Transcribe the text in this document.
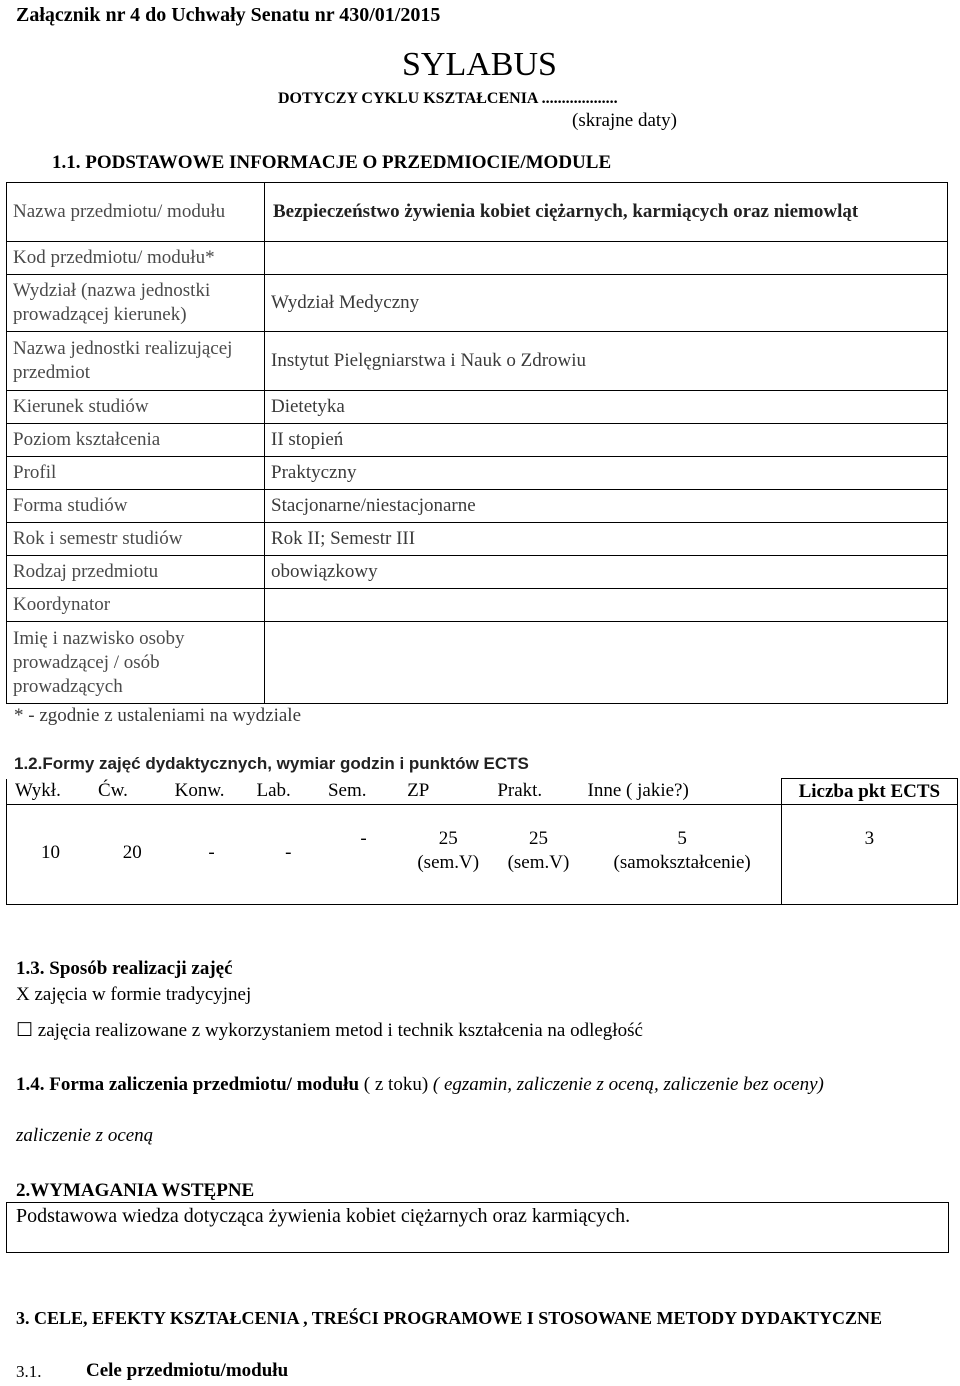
Załącznik nr 4 do Uchwały Senatu nr 430/01/2015
SYLABUS
DOTYCZY CYKLU KSZTAŁCENIA ...................
(skrajne daty)
1.1. PODSTAWOWE INFORMACJE O PRZEDMIOCIE/MODULE
Nazwa przedmiotu/ modułu	Bezpieczeństwo żywienia kobiet ciężarnych, karmiących oraz niemowląt
Kod przedmiotu/ modułu*	
Wydział (nazwa jednostki prowadzącej kierunek)	Wydział Medyczny
Nazwa jednostki realizującej przedmiot	Instytut Pielęgniarstwa i Nauk o Zdrowiu
Kierunek studiów	Dietetyka
Poziom kształcenia	II stopień
Profil	Praktyczny
Forma studiów	Stacjonarne/niestacjonarne
Rok i semestr studiów	Rok II; Semestr III
Rodzaj przedmiotu	obowiązkowy
Koordynator	
Imię i nazwisko osoby prowadzącej / osób prowadzących	
* - zgodnie z ustaleniami na wydziale
1.2.Formy zajęć dydaktycznych, wymiar godzin i punktów ECTS
Wykł.	Ćw.	Konw.	Lab.	Sem.	ZP	Prakt.	Inne ( jakie?)	Liczba pkt ECTS
10	20	-	-	-	25 (sem.V)	25 (sem.V)	5 (samokształcenie)	3
1.3. Sposób realizacji zajęć
X zajęcia w formie tradycyjnej
☐ zajęcia realizowane z wykorzystaniem metod i technik kształcenia na odległość
1.4. Forma zaliczenia przedmiotu/ modułu ( z toku) ( egzamin, zaliczenie z oceną, zaliczenie bez oceny)
zaliczenie z oceną
2.WYMAGANIA WSTĘPNE
Podstawowa wiedza dotycząca żywienia kobiet ciężarnych oraz karmiących.
3. CELE, EFEKTY KSZTAŁCENIA , TREŚCI PROGRAMOWE I STOSOWANE METODY DYDAKTYCZNE
3.1. Cele przedmiotu/modułu
